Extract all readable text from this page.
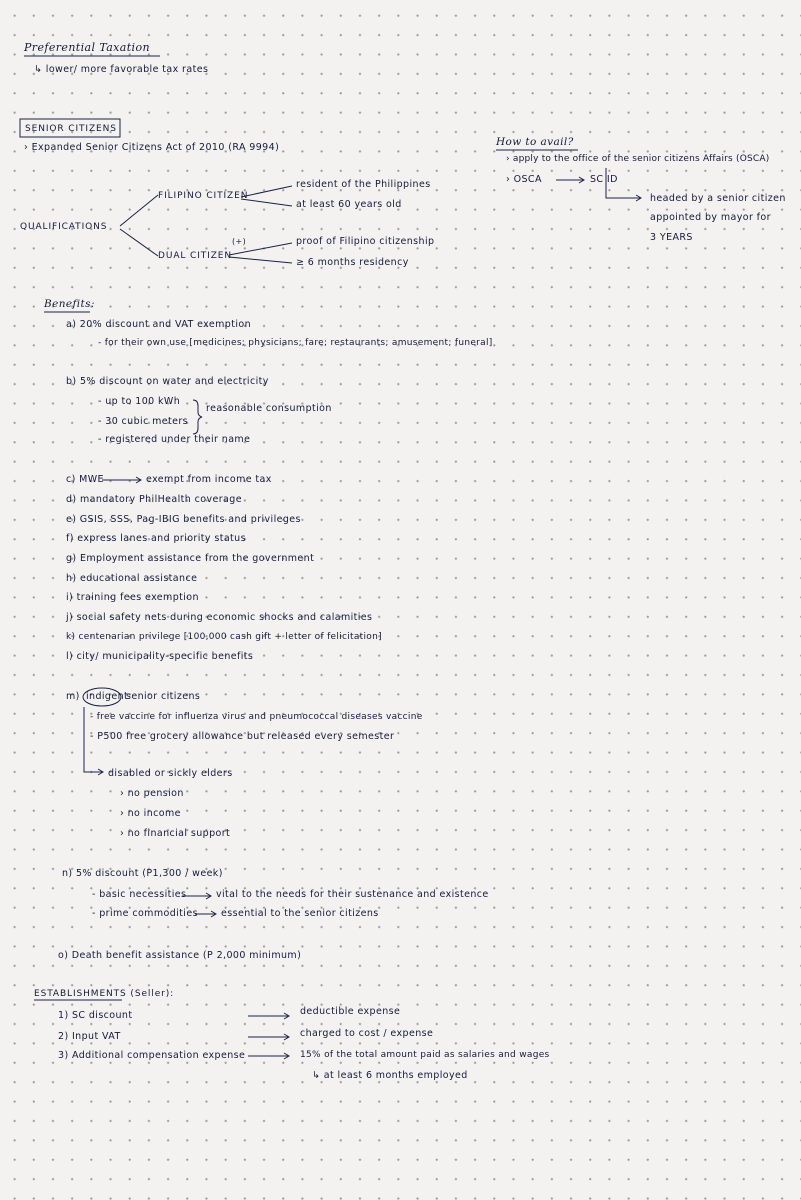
Preferential Taxation
↳ lower/ more favorable tax rates
SENIOR CITIZENS
› Expanded Senior Citizens Act of 2010 (RA 9994)	How to avail?
› apply to the office of the senior citizens Affairs (OSCA)
› OSCA	SC ID
headed by a senior citizen
appointed by mayor for
3 YEARS
QUALIFICATIONS
FILIPINO CITIZEN
resident of the Philippines
at least 60 years old
DUAL CITIZEN
(+)	proof of Filipino citizenship
≥ 6 months residency
Benefits:
a) 20% discount and VAT exemption
- for their own use [medicines; physicians; fare; restaurants; amusement; funeral]
b) 5% discount on water and electricity
- up to 100 kWh
- 30 cubic meters
reasonable consumption
- registered under their name
c) MWE	exempt from income tax
d) mandatory PhilHealth coverage
e) GSIS, SSS, Pag-IBIG benefits and privileges
f) express lanes and priority status
g) Employment assistance from the government
h) educational assistance
i) training fees exemption
j) social safety nets during economic shocks and calamities
k) centenarian privilege [100,000 cash gift + letter of felicitation]
l) city/ municipality-specific benefits
m) indigent
senior citizens
- free vaccine for influenza virus and pneumococcal diseases vaccine
- P500 free grocery allowance but released every semester
disabled or sickly elders
› no pension
› no income
› no financial support
n) 5% discount (P1,300 / week)
- basic necessities	vital to the needs for their sustenance and existence
- prime commodities essential to the senior citizens
o) Death benefit assistance (P 2,000 minimum)
ESTABLISHMENTS (Seller):
1) SC discount	deductible expense
2) Input VAT	charged to cost / expense
3) Additional compensation expense	15% of the total amount paid as salaries and wages
↳ at least 6 months employed
